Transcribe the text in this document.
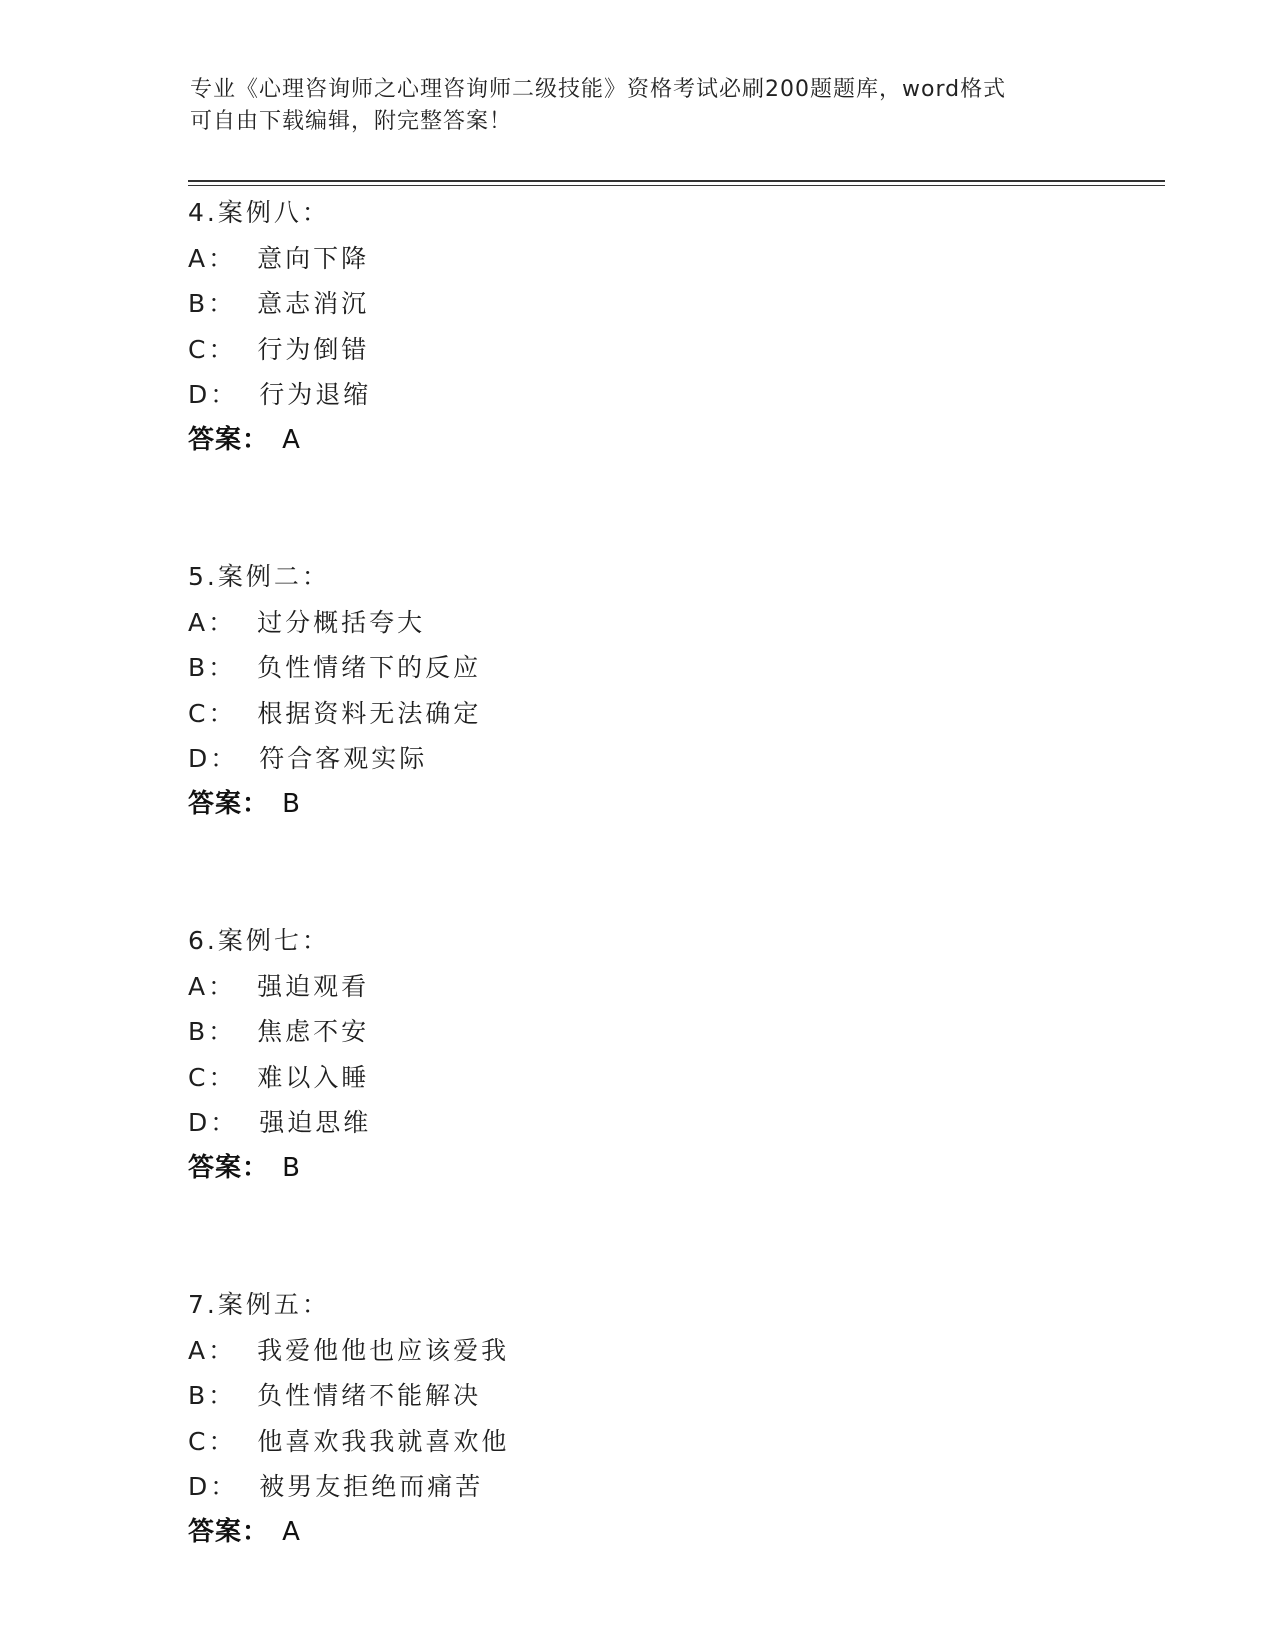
专业《心理咨询师之心理咨询师二级技能》资格考试必刷200题题库，word格式
可自由下载编辑，附完整答案！
4.案例八：
A： 意向下降
B： 意志消沉
C： 行为倒错
D： 行为退缩
答案： A
5.案例二：
A： 过分概括夸大
B： 负性情绪下的反应
C： 根据资料无法确定
D： 符合客观实际
答案： B
6.案例七：
A： 强迫观看
B： 焦虑不安
C： 难以入睡
D： 强迫思维
答案： B
7.案例五：
A： 我爱他他也应该爱我
B： 负性情绪不能解决
C： 他喜欢我我就喜欢他
D： 被男友拒绝而痛苦
答案： A
